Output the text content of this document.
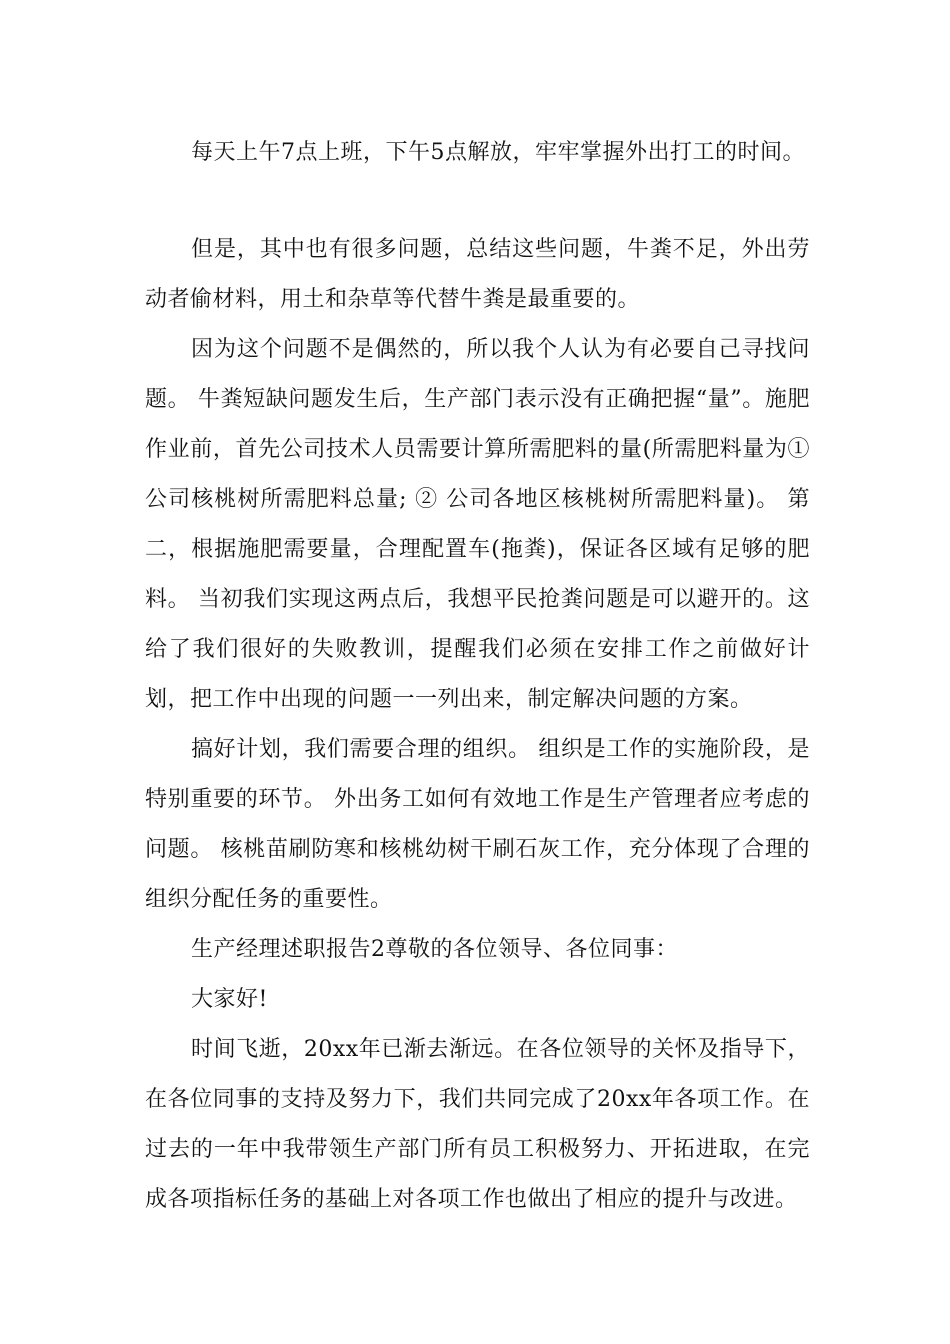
每天上午7点上班，下午5点解放，牢牢掌握外出打工的时间。

但是，其中也有很多问题，总结这些问题，牛粪不足，外出劳动者偷材料，用土和杂草等代替牛粪是最重要的。

因为这个问题不是偶然的，所以我个人认为有必要自己寻找问题。 牛粪短缺问题发生后，生产部门表示没有正确把握“量”。施肥作业前，首先公司技术人员需要计算所需肥料的量(所需肥料量为①公司核桃树所需肥料总量; ② 公司各地区核桃树所需肥料量)。 第二，根据施肥需要量，合理配置车(拖粪)，保证各区域有足够的肥料。 当初我们实现这两点后，我想平民抢粪问题是可以避开的。这给了我们很好的失败教训，提醒我们必须在安排工作之前做好计划，把工作中出现的问题一一列出来，制定解决问题的方案。

搞好计划，我们需要合理的组织。 组织是工作的实施阶段，是特别重要的环节。 外出务工如何有效地工作是生产管理者应考虑的问题。 核桃苗刷防寒和核桃幼树干刷石灰工作，充分体现了合理的组织分配任务的重要性。

生产经理述职报告2尊敬的各位领导、各位同事：

大家好!

时间飞逝，20xx年已渐去渐远。在各位领导的关怀及指导下，在各位同事的支持及努力下，我们共同完成了20xx年各项工作。在过去的一年中我带领生产部门所有员工积极努力、开拓进取，在完成各项指标任务的基础上对各项工作也做出了相应的提升与改进。
